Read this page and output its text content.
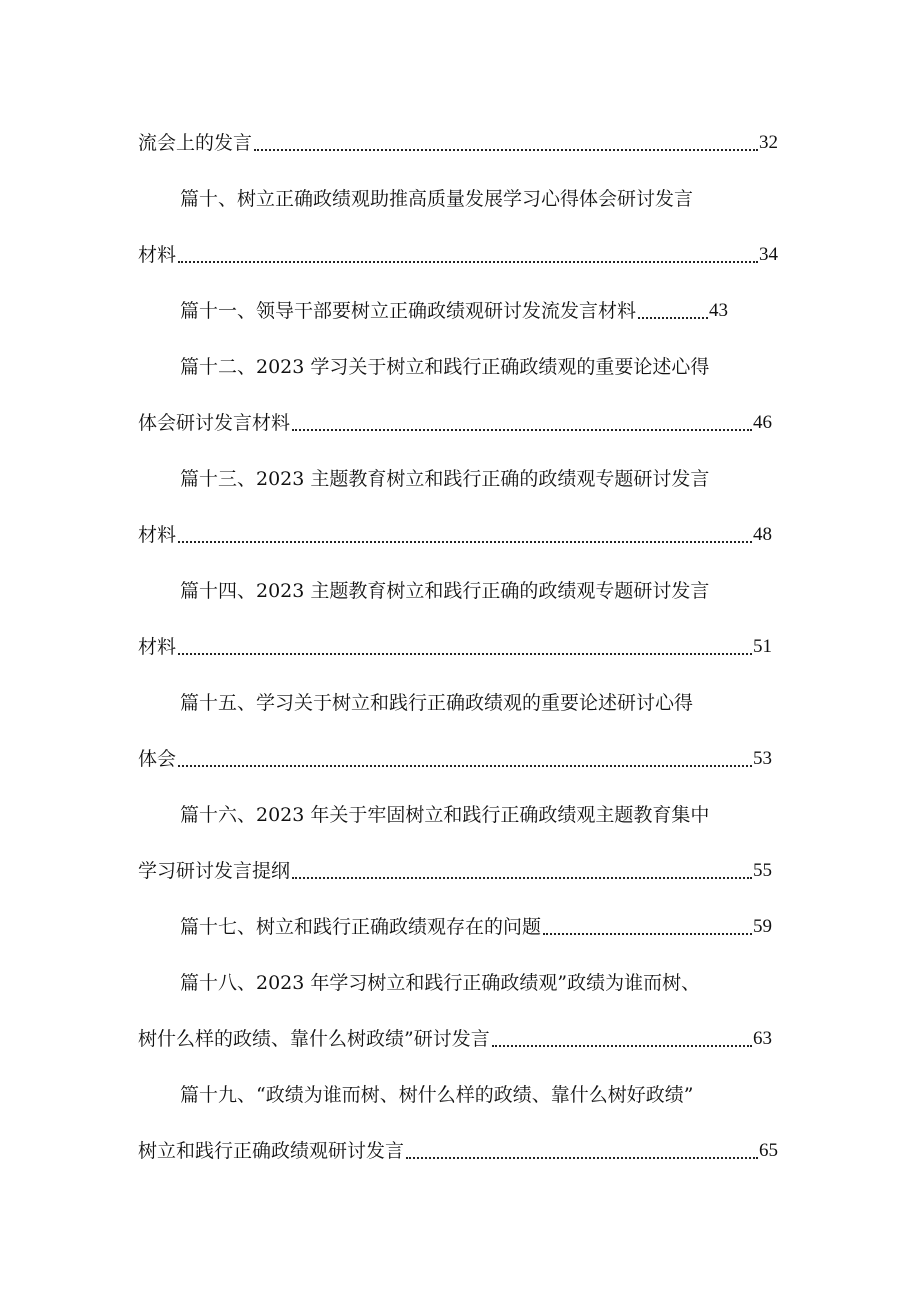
流会上的发言	32
篇十、树立正确政绩观助推高质量发展学习心得体会研讨发言
材料	34
篇十一、领导干部要树立正确政绩观研讨发流发言材料	43
篇十二、2023 学习关于树立和践行正确政绩观的重要论述心得
体会研讨发言材料	46
篇十三、2023 主题教育树立和践行正确的政绩观专题研讨发言
材料	48
篇十四、2023 主题教育树立和践行正确的政绩观专题研讨发言
材料	51
篇十五、学习关于树立和践行正确政绩观的重要论述研讨心得
体会	53
篇十六、2023 年关于牢固树立和践行正确政绩观主题教育集中
学习研讨发言提纲	55
篇十七、树立和践行正确政绩观存在的问题	59
篇十八、2023 年学习树立和践行正确政绩观”政绩为谁而树、
树什么样的政绩、靠什么树政绩”研讨发言	63
篇十九、“政绩为谁而树、树什么样的政绩、靠什么树好政绩”
树立和践行正确政绩观研讨发言	65
